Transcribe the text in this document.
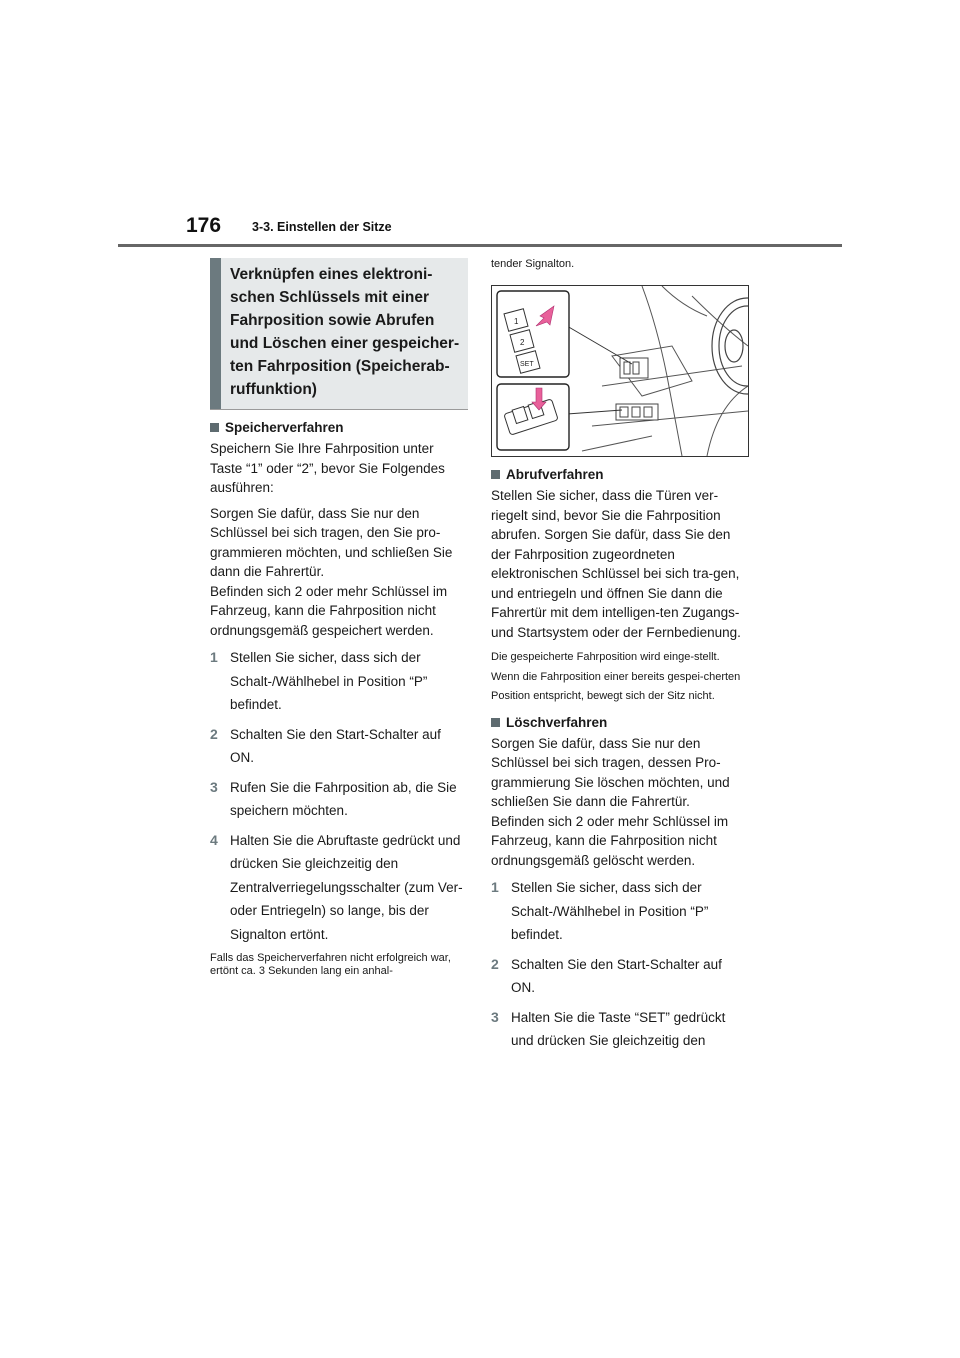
176 3-3. Einstellen der Sitze
Verknüpfen eines elektroni-
schen Schlüssels mit einer
Fahrposition sowie Abrufen
und Löschen einer gespeicher-
ten Fahrposition (Speicherab-
ruffunktion)
Speicherverfahren

Speichern Sie Ihre Fahrposition unter Taste “1” oder “2”, bevor Sie Folgendes ausführen:

Sorgen Sie dafür, dass Sie nur den Schlüssel bei sich tragen, den Sie pro-grammieren möchten, und schließen Sie dann die Fahrertür.

Befinden sich 2 oder mehr Schlüssel im Fahrzeug, kann die Fahrposition nicht ordnungsgemäß gespeichert werden.

1 Stellen Sie sicher, dass sich der Schalt-/Wählhebel in Position “P” befindet.
2 Schalten Sie den Start-Schalter auf ON.
3 Rufen Sie die Fahrposition ab, die Sie speichern möchten.
4 Halten Sie die Abruftaste gedrückt und drücken Sie gleichzeitig den Zentralverriegelungsschalter (zum Ver- oder Entriegeln) so lange, bis der Signalton ertönt.

Falls das Speicherverfahren nicht erfolgreich war, ertönt ca. 3 Sekunden lang ein anhal-

tender Signalton.

1
2
SET
Abrufverfahren

Stellen Sie sicher, dass die Türen ver-riegelt sind, bevor Sie die Fahrposition abrufen. Sorgen Sie dafür, dass Sie den der Fahrposition zugeordneten elektronischen Schlüssel bei sich tra-gen, und entriegeln und öffnen Sie dann die Fahrertür mit dem intelligen-ten Zugangs- und Startsystem oder der Fernbedienung.

Die gespeicherte Fahrposition wird einge-stellt.

Wenn die Fahrposition einer bereits gespei-cherten Position entspricht, bewegt sich der Sitz nicht.

Löschverfahren

Sorgen Sie dafür, dass Sie nur den Schlüssel bei sich tragen, dessen Pro-grammierung Sie löschen möchten, und schließen Sie dann die Fahrertür.

Befinden sich 2 oder mehr Schlüssel im Fahrzeug, kann die Fahrposition nicht ordnungsgemäß gelöscht werden.

1 Stellen Sie sicher, dass sich der Schalt-/Wählhebel in Position “P” befindet.
2 Schalten Sie den Start-Schalter auf ON.
3 Halten Sie die Taste “SET” gedrückt und drücken Sie gleichzeitig den
